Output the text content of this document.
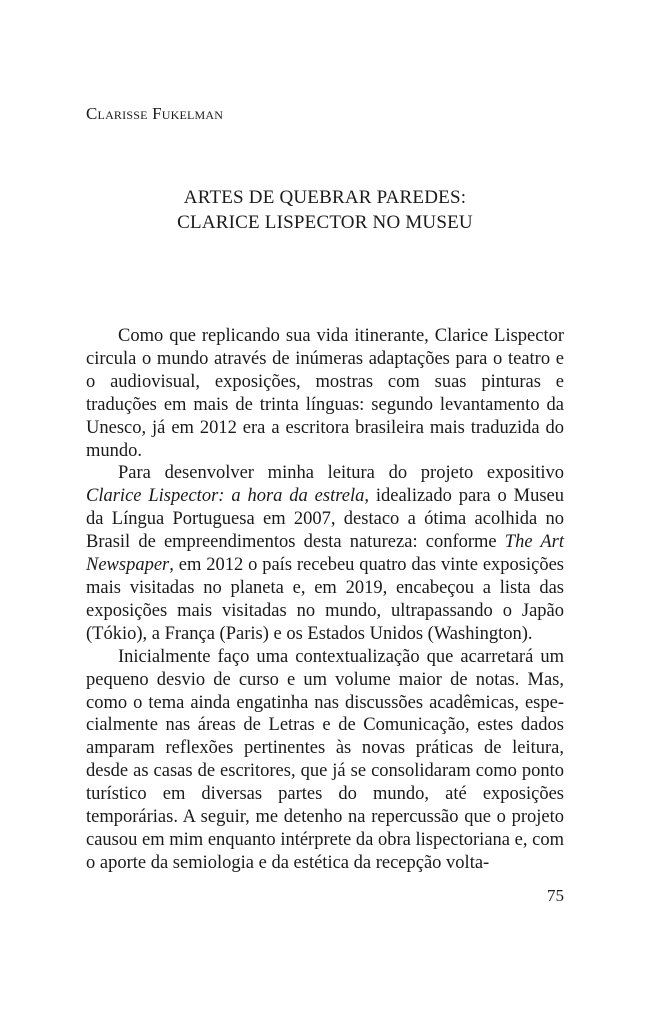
Clarisse Fukelman
ARTES DE QUEBRAR PAREDES:
CLARICE LISPECTOR NO MUSEU

Como que replicando sua vida itinerante, Clarice Lispector circula o mundo através de inúmeras adaptações para o teatro e o audiovisual, exposições, mostras com suas pinturas e traduções em mais de trinta línguas: segundo levantamento da Unesco, já em 2012 era a escritora brasileira mais traduzida do mundo.

Para desenvolver minha leitura do projeto expositivo Clarice Lispector: a hora da estrela, idealizado para o Museu da Língua Portuguesa em 2007, destaco a ótima acolhida no Brasil de empreendimentos desta natureza: conforme The Art Newspaper, em 2012 o país recebeu quatro das vinte exposições mais visitadas no planeta e, em 2019, encabeçou a lista das exposições mais visitadas no mundo, ultrapassando o Japão (Tókio), a França (Paris) e os Estados Unidos (Washington).

Inicialmente faço uma contextualização que acarretará um pequeno desvio de curso e um volume maior de notas. Mas, como o tema ainda engatinha nas discussões acadêmicas, especialmente nas áreas de Letras e de Comunicação, estes dados amparam reflexões pertinentes às novas práticas de leitura, desde as casas de escritores, que já se consolidaram como ponto turístico em diversas partes do mundo, até exposições temporárias. A seguir, me detenho na repercussão que o projeto causou em mim enquanto intérprete da obra lispectoriana e, com o aporte da semiologia e da estética da recepção volta-

75
